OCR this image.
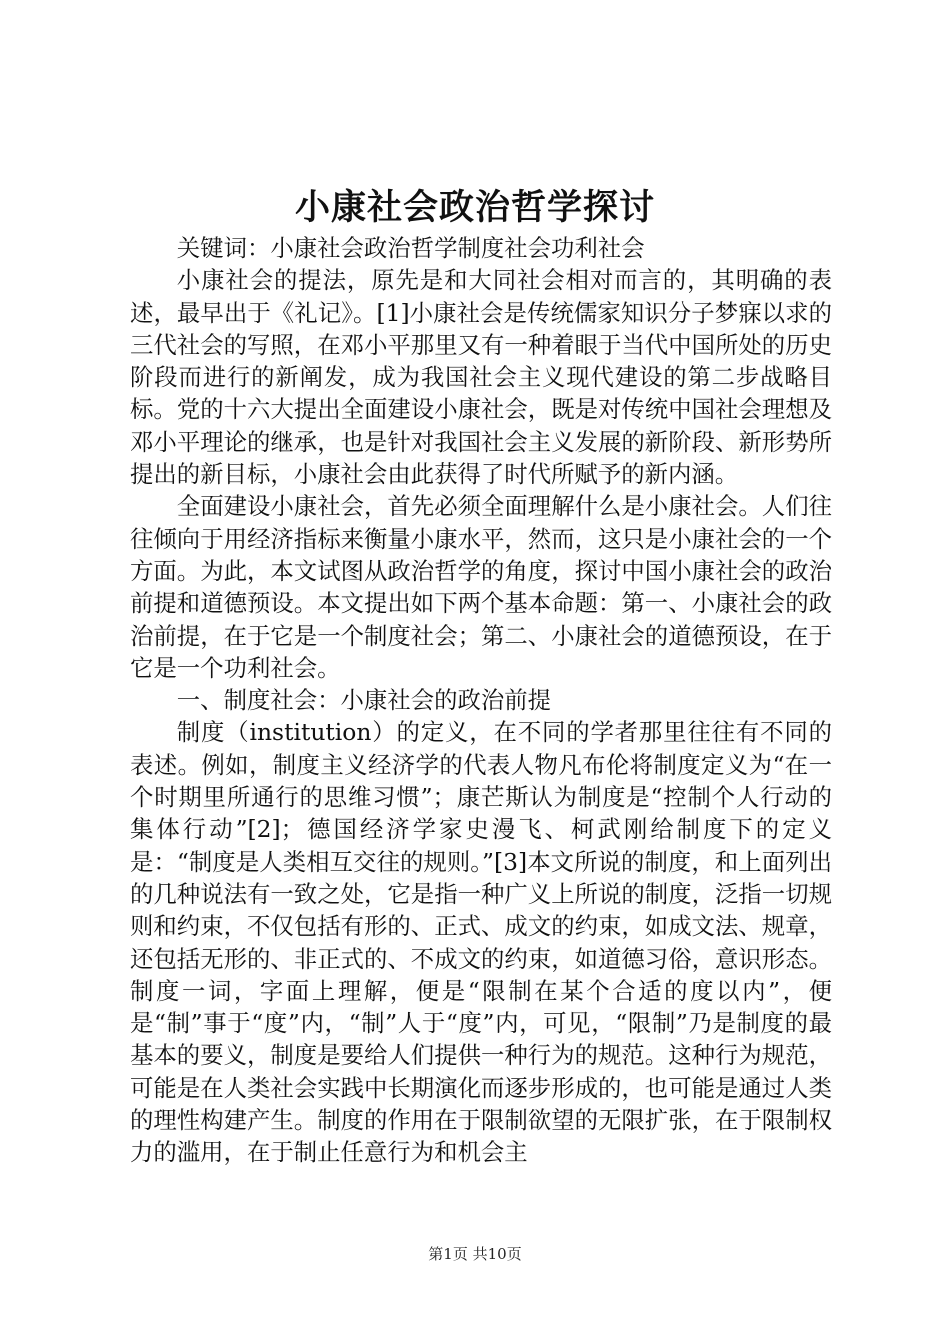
小康社会政治哲学探讨

关键词：小康社会政治哲学制度社会功利社会

小康社会的提法，原先是和大同社会相对而言的，其明确的表述，最早出于《礼记》。[1]小康社会是传统儒家知识分子梦寐以求的三代社会的写照，在邓小平那里又有一种着眼于当代中国所处的历史阶段而进行的新阐发，成为我国社会主义现代建设的第二步战略目标。党的十六大提出全面建设小康社会，既是对传统中国社会理想及邓小平理论的继承，也是针对我国社会主义发展的新阶段、新形势所提出的新目标，小康社会由此获得了时代所赋予的新内涵。

全面建设小康社会，首先必须全面理解什么是小康社会。人们往往倾向于用经济指标来衡量小康水平，然而，这只是小康社会的一个方面。为此，本文试图从政治哲学的角度，探讨中国小康社会的政治前提和道德预设。本文提出如下两个基本命题：第一、小康社会的政治前提，在于它是一个制度社会；第二、小康社会的道德预设，在于它是一个功利社会。

一、制度社会：小康社会的政治前提

制度（institution）的定义，在不同的学者那里往往有不同的表述。例如，制度主义经济学的代表人物凡布伦将制度定义为“在一个时期里所通行的思维习惯”；康芒斯认为制度是“控制个人行动的集体行动”[2]；德国经济学家史漫飞、柯武刚给制度下的定义是：“制度是人类相互交往的规则。”[3]本文所说的制度，和上面列出的几种说法有一致之处，它是指一种广义上所说的制度，泛指一切规则和约束，不仅包括有形的、正式、成文的约束，如成文法、规章，还包括无形的、非正式的、不成文的约束，如道德习俗，意识形态。制度一词，字面上理解，便是“限制在某个合适的度以内”，便是“制”事于“度”内，“制”人于“度”内，可见，“限制”乃是制度的最基本的要义，制度是要给人们提供一种行为的规范。这种行为规范，可能是在人类社会实践中长期演化而逐步形成的，也可能是通过人类的理性构建产生。制度的作用在于限制欲望的无限扩张，在于限制权力的滥用，在于制止任意行为和机会主

第1页 共10页
